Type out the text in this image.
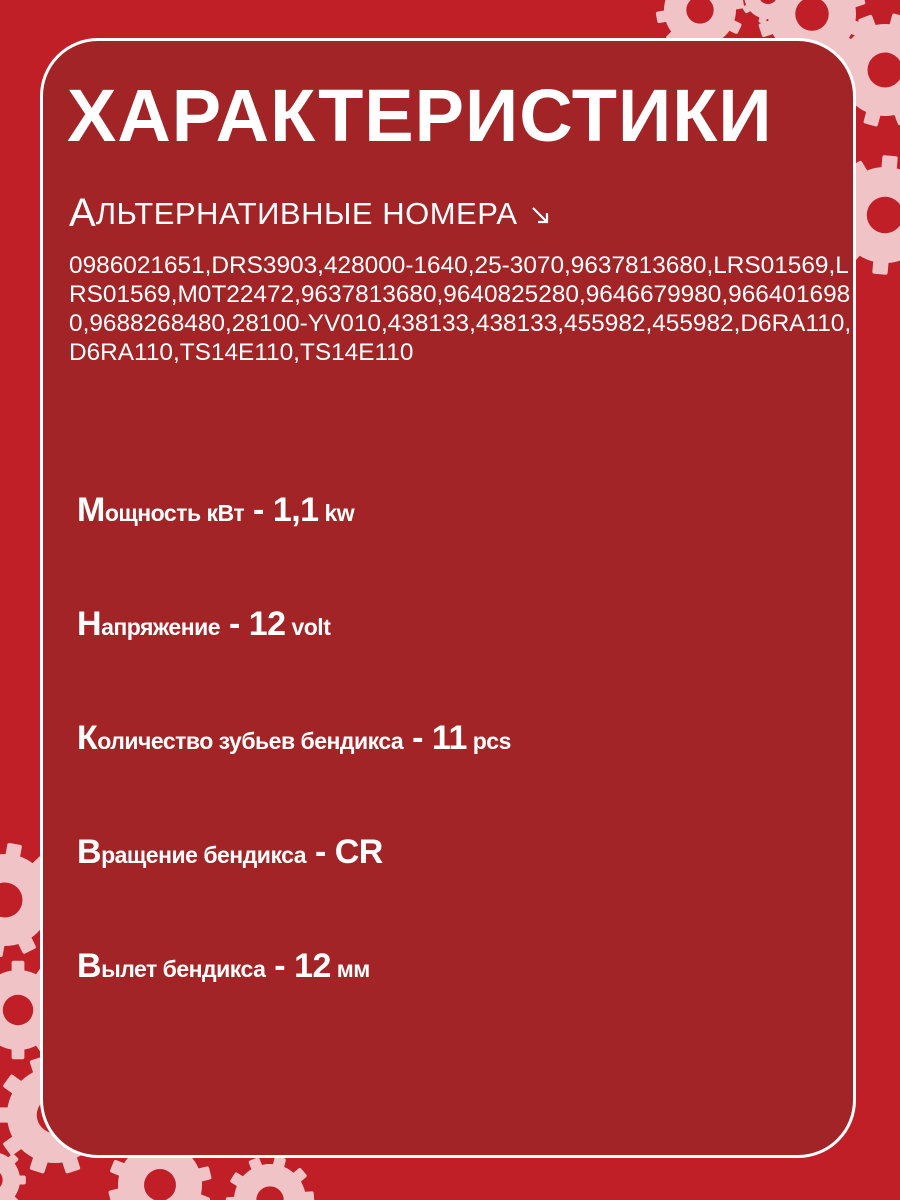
ХАРАКТЕРИСТИКИ
А ЛЬТЕРНАТИВНЫЕ НОМЕРА

0986021651,DRS3903,428000-1640,25-3070,9637813680,LRS01569,LRS01569,M0T22472,9637813680,9640825280,9646679980,9664016980,9688268480,28100-YV010,438133,438133,455982,455982,D6RA110,D6RA110,TS14E110,TS14E110

Мощность кВт - 1,1 kw
Напряжение - 12 volt
Количество зубьев бендикса - 11 pcs
Вращение бендикса - CR
Вылет бендикса - 12 мм
